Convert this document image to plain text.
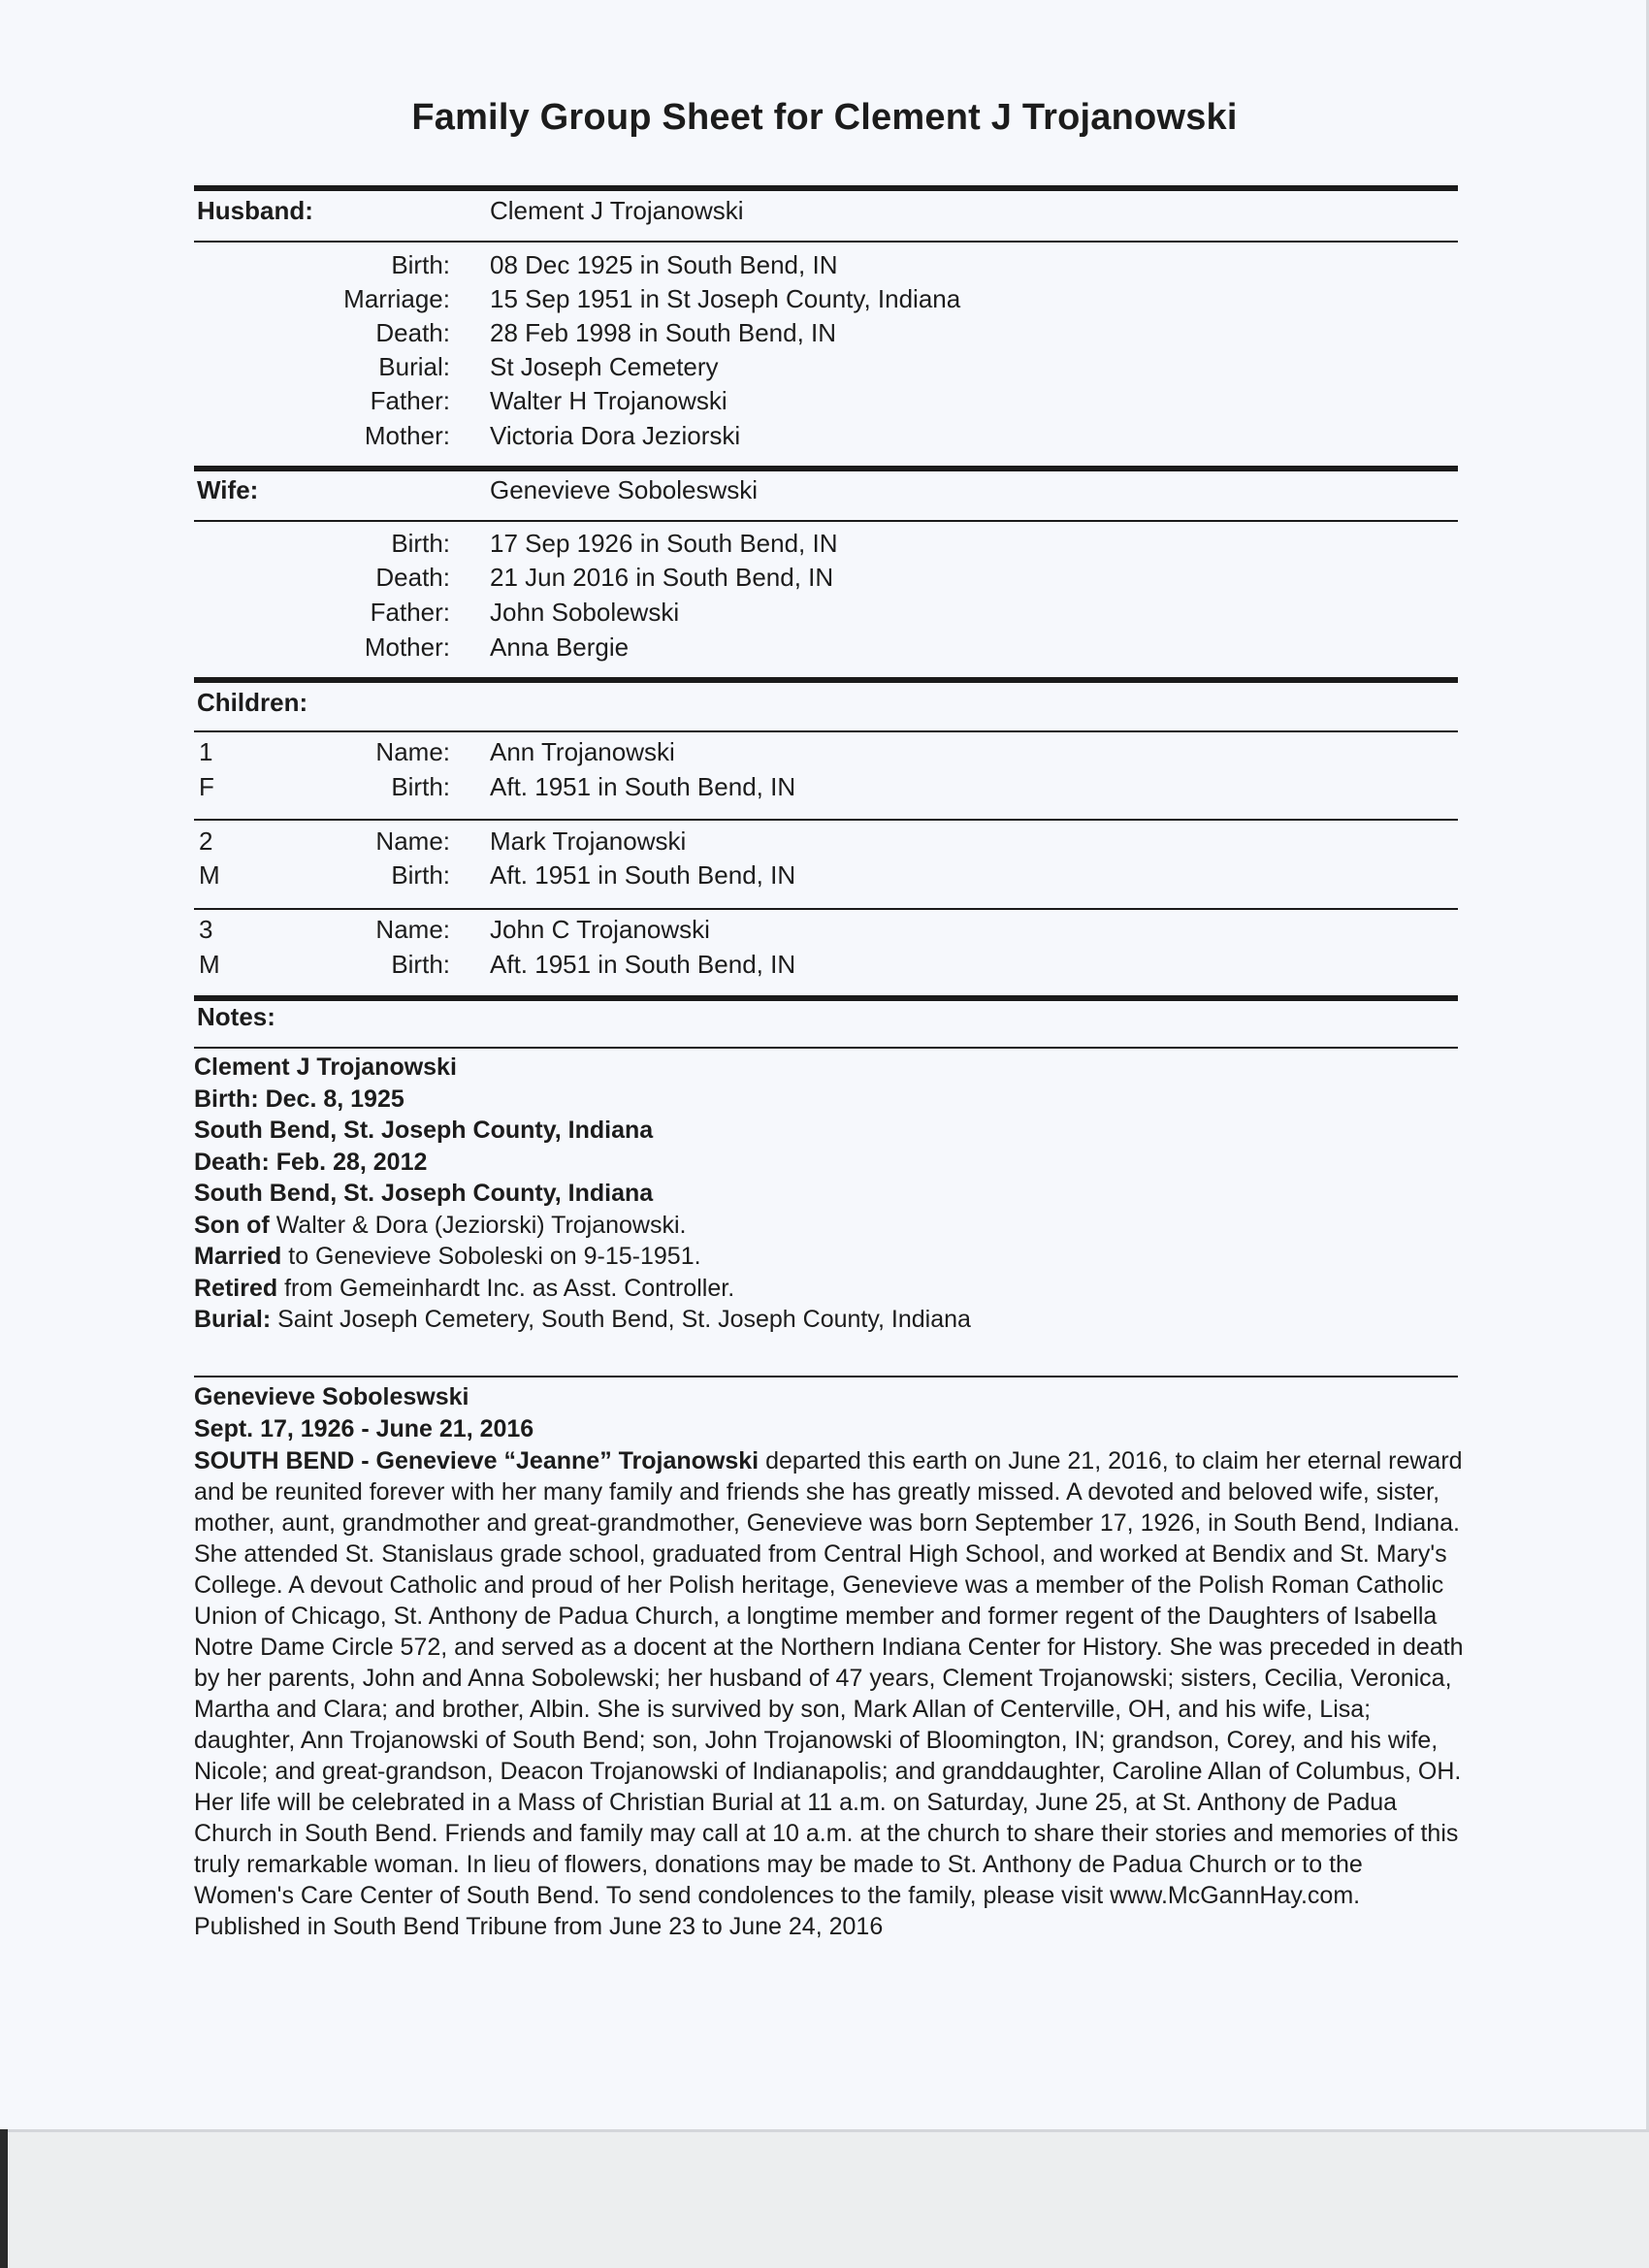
Family Group Sheet for Clement J Trojanowski
Husband:	Clement J Trojanowski
Birth: 08 Dec 1925 in South Bend, IN
Marriage: 15 Sep 1951 in St Joseph County, Indiana
Death: 28 Feb 1998 in South Bend, IN
Burial: St Joseph Cemetery
Father: Walter H Trojanowski
Mother: Victoria Dora Jeziorski
Wife:	Genevieve Soboleswski
Birth: 17 Sep 1926 in South Bend, IN
Death: 21 Jun 2016 in South Bend, IN
Father: John Sobolewski
Mother: Anna Bergie
Children:
1	Name: Ann Trojanowski
F	Birth: Aft. 1951 in South Bend, IN
2	Name: Mark Trojanowski
M	Birth: Aft. 1951 in South Bend, IN
3	Name: John C Trojanowski
M	Birth: Aft. 1951 in South Bend, IN
Notes:

Clement J Trojanowski

Birth: Dec. 8, 1925

South Bend, St. Joseph County, Indiana

Death: Feb. 28, 2012

South Bend, St. Joseph County, Indiana

Son of Walter & Dora (Jeziorski) Trojanowski.

Married to Genevieve Soboleski on 9-15-1951.

Retired from Gemeinhardt Inc. as Asst. Controller.

Burial: Saint Joseph Cemetery, South Bend, St. Joseph County, Indiana

Genevieve Soboleswski

Sept. 17, 1926 - June 21, 2016

SOUTH BEND - Genevieve “Jeanne” Trojanowski departed this earth on June 21, 2016, to claim her eternal reward and be reunited forever with her many family and friends she has greatly missed. A devoted and beloved wife, sister, mother, aunt, grandmother and great-grandmother, Genevieve was born September 17, 1926, in South Bend, Indiana. She attended St. Stanislaus grade school, graduated from Central High School, and worked at Bendix and St. Mary's College. A devout Catholic and proud of her Polish heritage, Genevieve was a member of the Polish Roman Catholic Union of Chicago, St. Anthony de Padua Church, a longtime member and former regent of the Daughters of Isabella Notre Dame Circle 572, and served as a docent at the Northern Indiana Center for History. She was preceded in death by her parents, John and Anna Sobolewski; her husband of 47 years, Clement Trojanowski; sisters, Cecilia, Veronica, Martha and Clara; and brother, Albin. She is survived by son, Mark Allan of Centerville, OH, and his wife, Lisa; daughter, Ann Trojanowski of South Bend; son, John Trojanowski of Bloomington, IN; grandson, Corey, and his wife, Nicole; and great-grandson, Deacon Trojanowski of Indianapolis; and granddaughter, Caroline Allan of Columbus, OH. Her life will be celebrated in a Mass of Christian Burial at 11 a.m. on Saturday, June 25, at St. Anthony de Padua Church in South Bend. Friends and family may call at 10 a.m. at the church to share their stories and memories of this truly remarkable woman. In lieu of flowers, donations may be made to St. Anthony de Padua Church or to the Women's Care Center of South Bend. To send condolences to the family, please visit www.McGannHay.com. Published in South Bend Tribune from June 23 to June 24, 2016
